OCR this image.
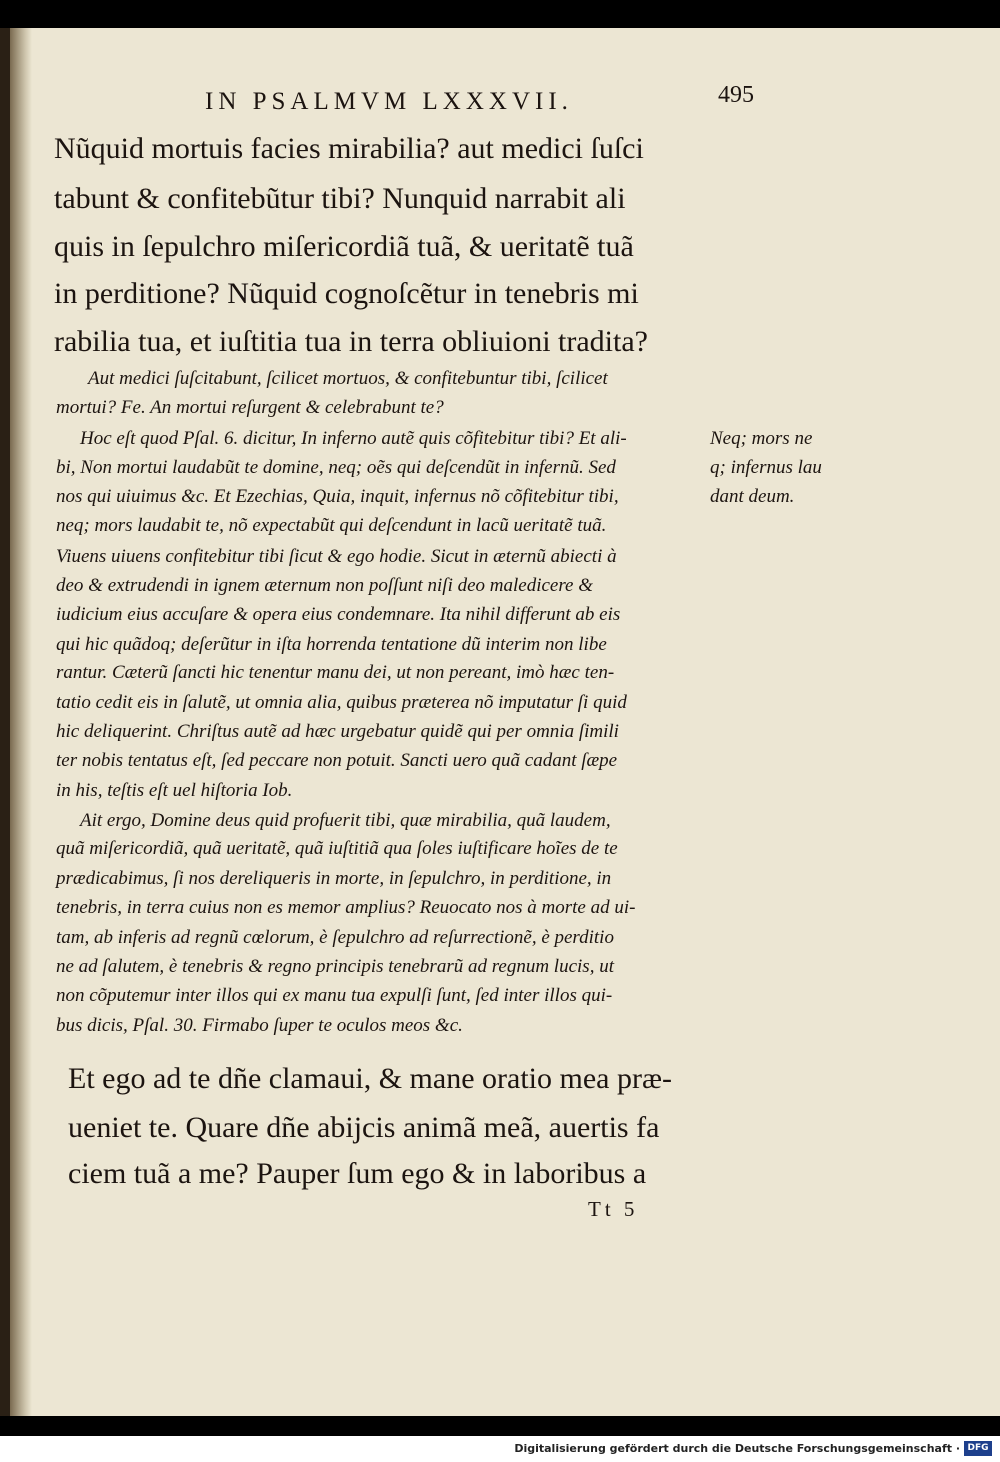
IN PSALMVM LXXXVII.	495
Nũquid mortuis facies mirabilia? aut medici ſuſci
tabunt & confitebũtur tibi? Nunquid narrabit ali
quis in ſepulchro miſericordiã tuã, & ueritatẽ tuã
in perditione? Nũquid cognoſcẽtur in tenebris mi
rabilia tua, et iuſtitia tua in terra obliuioni tradita?
Aut medici ſuſcitabunt, ſcilicet mortuos, & confitebuntur tibi, ſcilicet
mortui? Fe. An mortui reſurgent & celebrabunt te?
Hoc eſt quod Pſal. 6. dicitur, In inferno autẽ quis cõfitebitur tibi? Et ali-
bi, Non mortui laudabũt te domine, neq; oẽs qui deſcendũt in infernũ. Sed
nos qui uiuimus &c. Et Ezechias, Quia, inquit, infernus nõ cõfitebitur tibi,
neq; mors laudabit te, nõ expectabũt qui deſcendunt in lacũ ueritatẽ tuã.
Viuens uiuens confitebitur tibi ſicut & ego hodie. Sicut in æternũ abiecti à
deo & extrudendi in ignem æternum non poſſunt niſi deo maledicere &
iudicium eius accuſare & opera eius condemnare. Ita nihil differunt ab eis
qui hic quãdoq; deſerũtur in iſta horrenda tentatione dũ interim non libe
rantur. Cæterũ ſancti hic tenentur manu dei, ut non pereant, imò hæc ten-
tatio cedit eis in ſalutẽ, ut omnia alia, quibus præterea nõ imputatur ſi quid
hic deliquerint. Chriſtus autẽ ad hæc urgebatur quidẽ qui per omnia ſimili
ter nobis tentatus eſt, ſed peccare non potuit. Sancti uero quã cadant ſæpe
in his, teſtis eſt uel hiſtoria Iob.
Ait ergo, Domine deus quid profuerit tibi, quæ mirabilia, quã laudem,
quã miſericordiã, quã ueritatẽ, quã iuſtitiã qua ſoles iuſtificare hoĩes de te
prædicabimus, ſi nos dereliqueris in morte, in ſepulchro, in perditione, in
tenebris, in terra cuius non es memor amplius? Reuocato nos à morte ad ui-
tam, ab inferis ad regnũ cœlorum, è ſepulchro ad reſurrectionẽ, è perditio
ne ad ſalutem, è tenebris & regno principis tenebrarũ ad regnum lucis, ut
non cõputemur inter illos qui ex manu tua expulſi ſunt, ſed inter illos qui-
bus dicis, Pſal. 30. Firmabo ſuper te oculos meos &c.
Neq; mors ne
q; infernus lau
dant deum.
Et ego ad te dñe clamaui, & mane oratio mea præ-
ueniet te. Quare dñe abijcis animã meã, auertis fa
ciem tuã a me? Pauper ſum ego & in laboribus a
Tt 5
Digitalisierung gefördert durch die Deutsche Forschungsgemeinschaft · DFG
